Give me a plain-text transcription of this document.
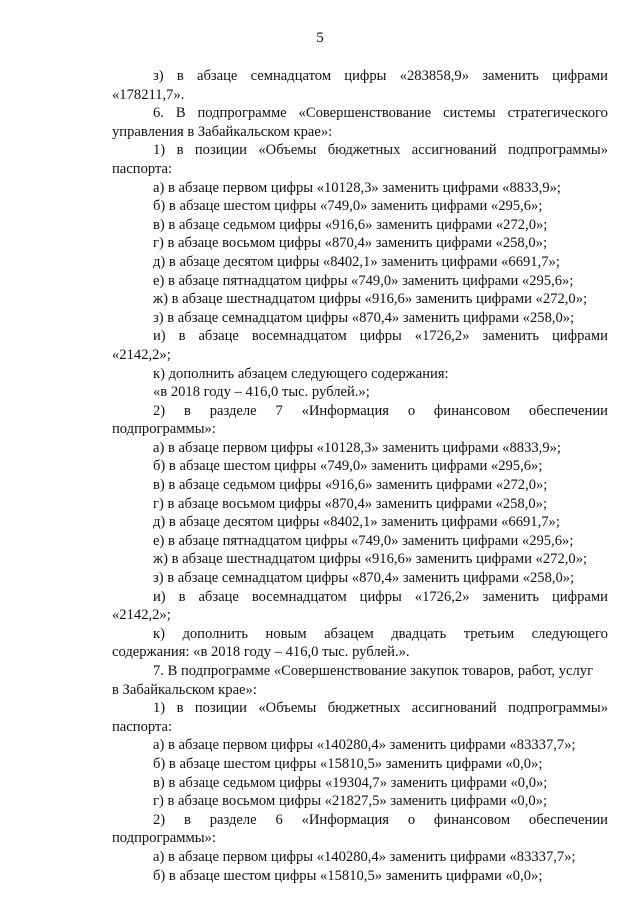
5
з) в абзаце семнадцатом цифры «283858,9» заменить цифрами
«178211,7».
6. В подпрограмме «Совершенствование системы стратегического
управления в Забайкальском крае»:
1) в позиции «Объемы бюджетных ассигнований подпрограммы»
паспорта:
а) в абзаце первом цифры «10128,3» заменить цифрами «8833,9»;
б) в абзаце шестом цифры «749,0» заменить цифрами «295,6»;
в) в абзаце седьмом цифры «916,6» заменить цифрами «272,0»;
г) в абзаце восьмом цифры «870,4» заменить цифрами «258,0»;
д) в абзаце десятом цифры «8402,1» заменить цифрами «6691,7»;
е) в абзаце пятнадцатом цифры «749,0» заменить цифрами «295,6»;
ж) в абзаце шестнадцатом цифры «916,6» заменить цифрами «272,0»;
з) в абзаце семнадцатом цифры «870,4» заменить цифрами «258,0»;
и) в абзаце восемнадцатом цифры «1726,2» заменить цифрами
«2142,2»;
к) дополнить абзацем следующего содержания:
«в 2018 году – 416,0 тыс. рублей.»;
2) в разделе 7 «Информация о финансовом обеспечении
подпрограммы»:
а) в абзаце первом цифры «10128,3» заменить цифрами «8833,9»;
б) в абзаце шестом цифры «749,0» заменить цифрами «295,6»;
в) в абзаце седьмом цифры «916,6» заменить цифрами «272,0»;
г) в абзаце восьмом цифры «870,4» заменить цифрами «258,0»;
д) в абзаце десятом цифры «8402,1» заменить цифрами «6691,7»;
е) в абзаце пятнадцатом цифры «749,0» заменить цифрами «295,6»;
ж) в абзаце шестнадцатом цифры «916,6» заменить цифрами «272,0»;
з) в абзаце семнадцатом цифры «870,4» заменить цифрами «258,0»;
и) в абзаце восемнадцатом цифры «1726,2» заменить цифрами
«2142,2»;
к) дополнить новым абзацем двадцать третьим следующего
содержания: «в 2018 году – 416,0 тыс. рублей.».
7. В подпрограмме «Совершенствование закупок товаров, работ, услуг
в Забайкальском крае»:
1) в позиции «Объемы бюджетных ассигнований подпрограммы»
паспорта:
а) в абзаце первом цифры «140280,4» заменить цифрами «83337,7»;
б) в абзаце шестом цифры «15810,5» заменить цифрами «0,0»;
в) в абзаце седьмом цифры «19304,7» заменить цифрами «0,0»;
г) в абзаце восьмом цифры «21827,5» заменить цифрами «0,0»;
2) в разделе 6 «Информация о финансовом обеспечении
подпрограммы»:
а) в абзаце первом цифры «140280,4» заменить цифрами «83337,7»;
б) в абзаце шестом цифры «15810,5» заменить цифрами «0,0»;
